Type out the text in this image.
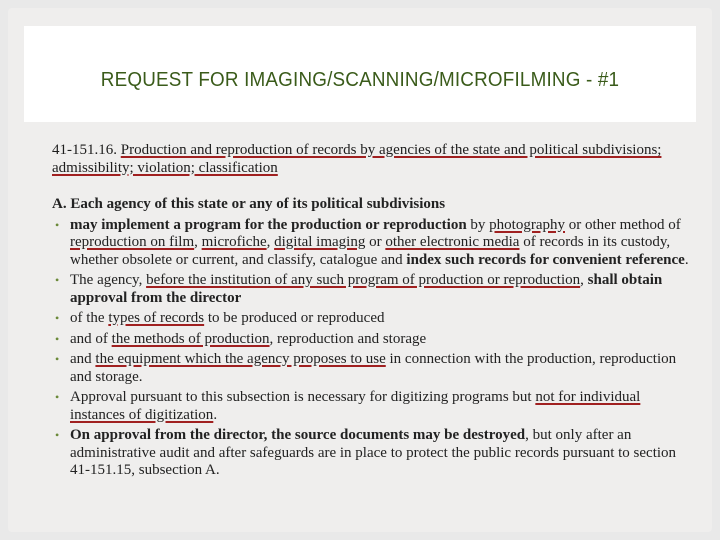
REQUEST FOR IMAGING/SCANNING/MICROFILMING - #1

41-151.16. Production and reproduction of records by agencies of the state and political subdivisions; admissibility; violation; classification

A. Each agency of this state or any of its political subdivisions

• may implement a program for the production or reproduction by photography or other method of reproduction on film, microfiche, digital imaging or other electronic media of records in its custody, whether obsolete or current, and classify, catalogue and index such records for convenient reference.
• The agency, before the institution of any such program of production or reproduction, shall obtain approval from the director
• of the types of records to be produced or reproduced
• and of the methods of production, reproduction and storage
• and the equipment which the agency proposes to use in connection with the production, reproduction and storage.
• Approval pursuant to this subsection is necessary for digitizing programs but not for individual instances of digitization.
• On approval from the director, the source documents may be destroyed, but only after an administrative audit and after safeguards are in place to protect the public records pursuant to section 41-151.15, subsection A.
